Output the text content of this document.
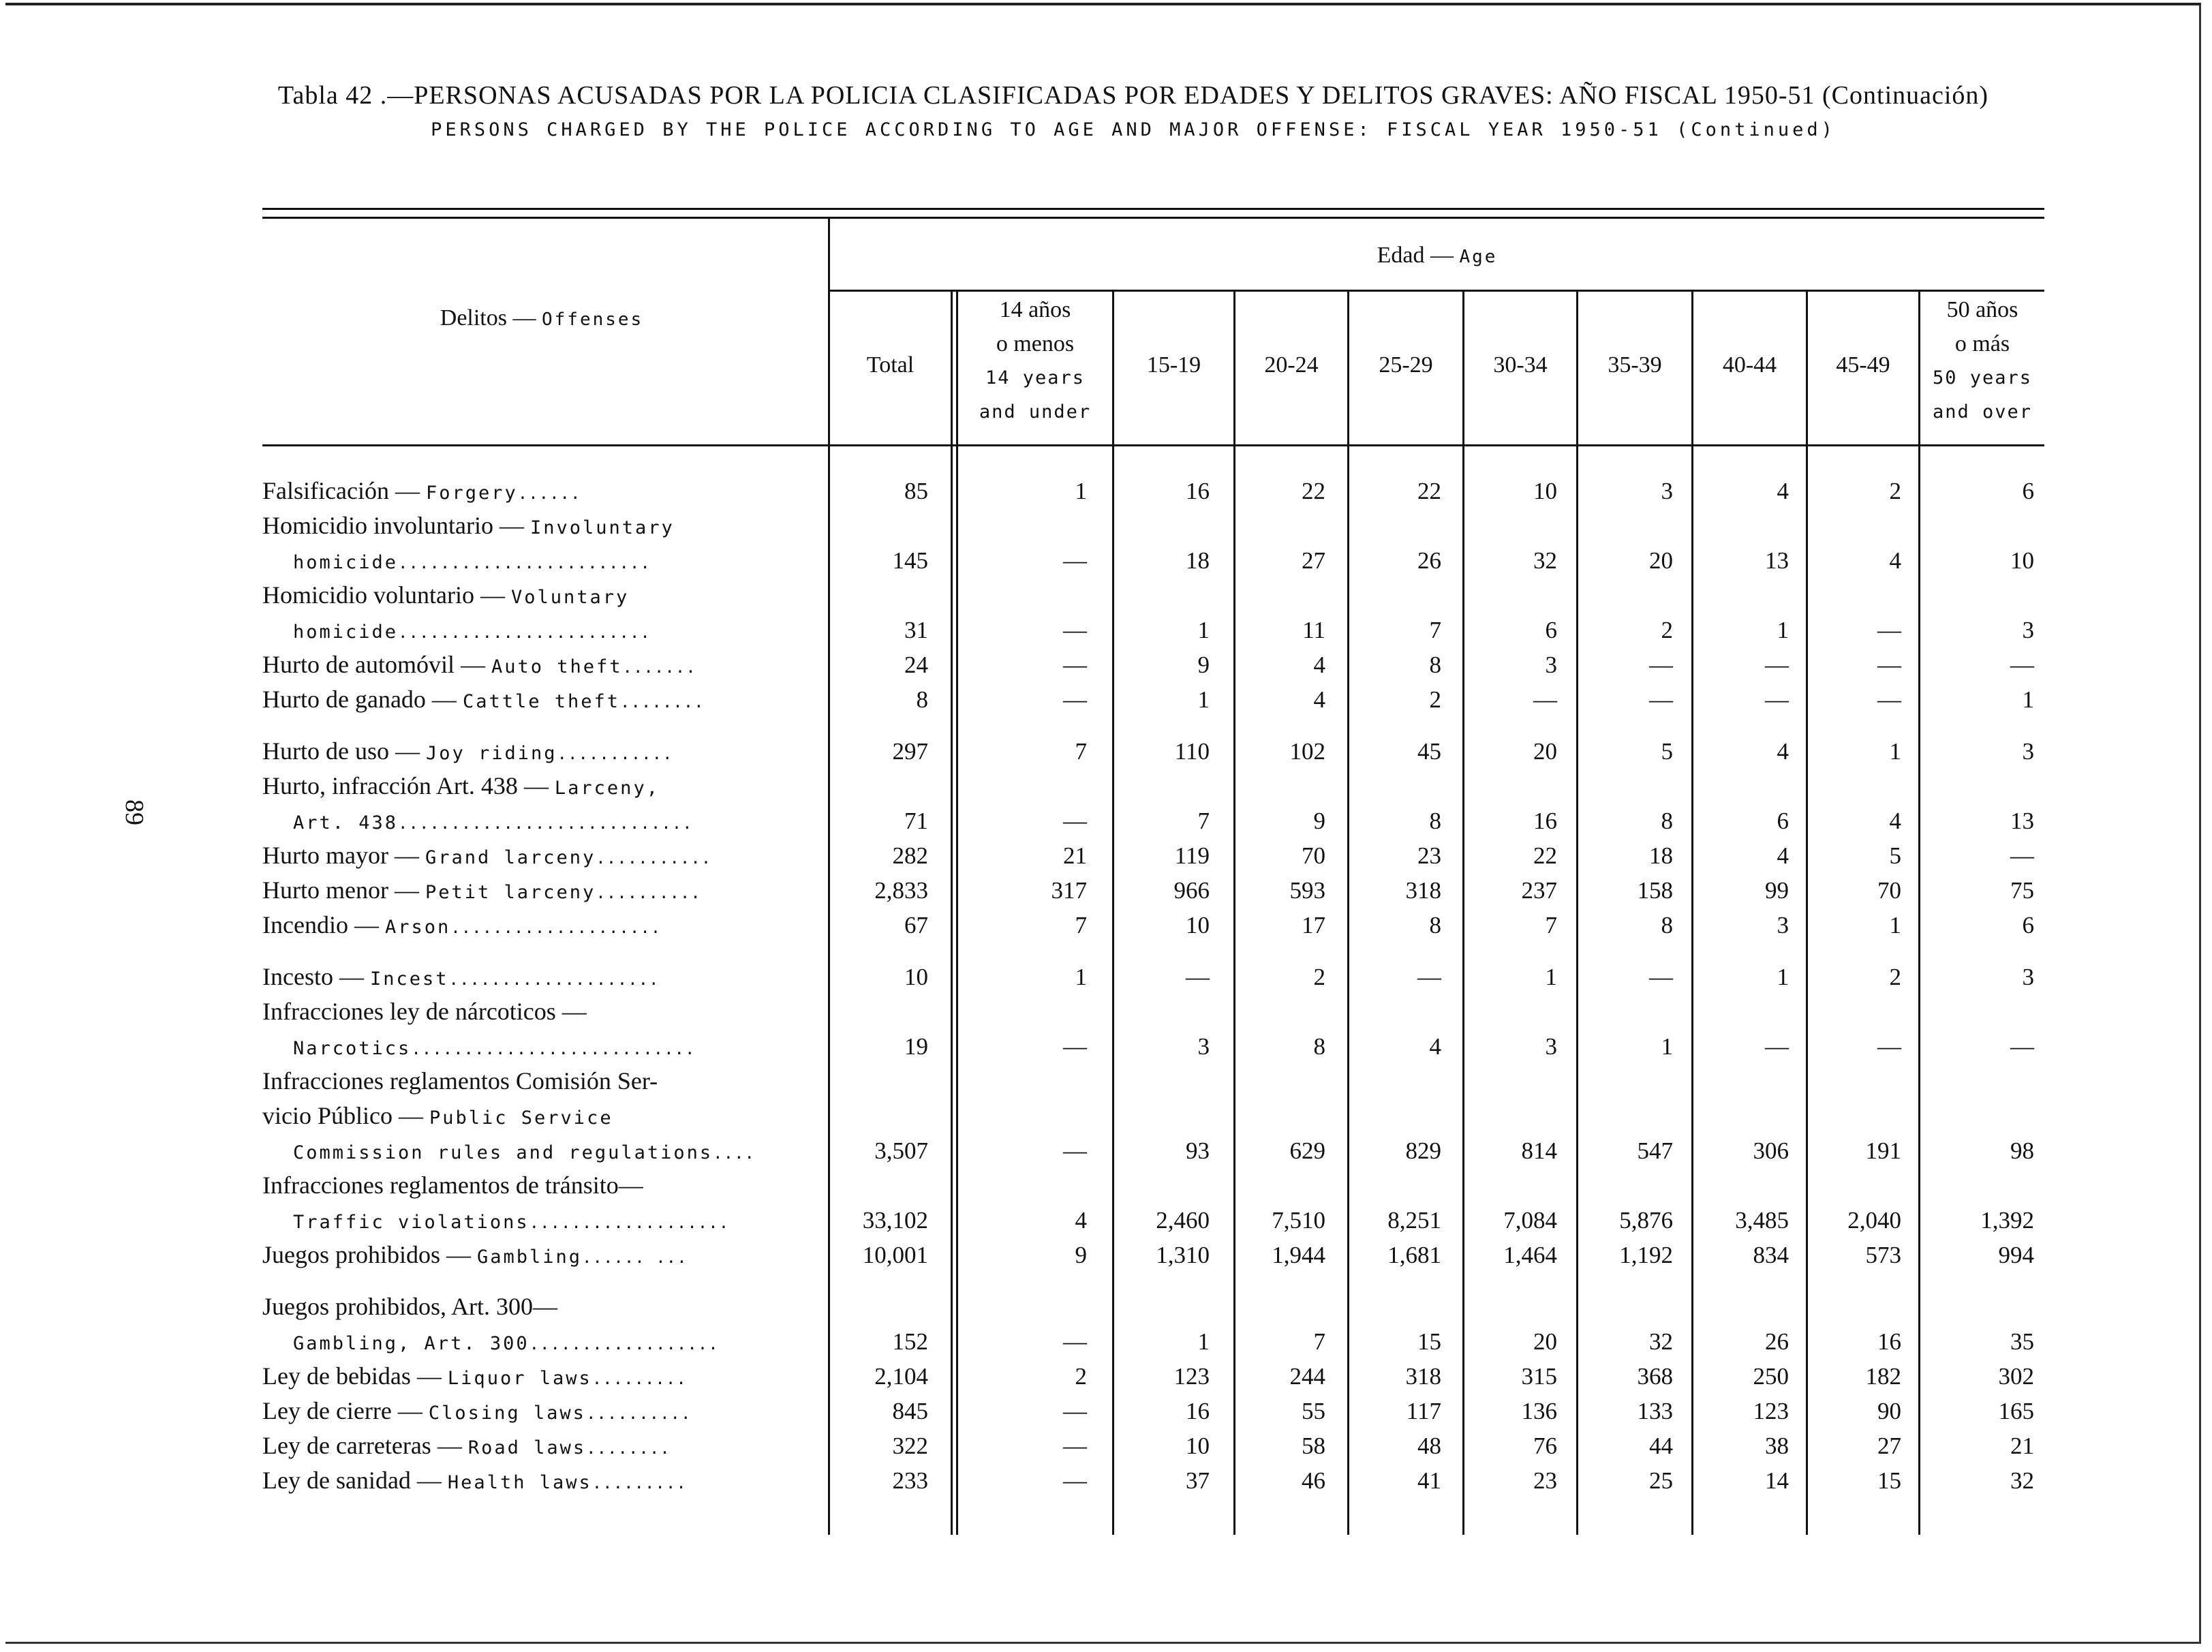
Tabla 42 .—PERSONAS ACUSADAS POR LA POLICIA CLASIFICADAS POR EDADES Y DELITOS GRAVES: AÑO FISCAL 1950-51 (Continuación)
PERSONS CHARGED BY THE POLICE ACCORDING TO AGE AND MAJOR OFFENSE: FISCAL YEAR 1950-51 (Continued)
89
Delitos — Offenses
Edad — Age
Total
14 años
o menos
14 years
and under
15-19	20-24	25-29	30-34	35-39	40-44	45-49
50 años
o más
50 years
and over
Falsificación — Forgery......	85	1	16	22	22	10	3	4	2	6
Homicidio involuntario — Involuntary
homicide........................	145	—	18	27	26	32	20	13	4	10
Homicidio voluntario — Voluntary
homicide........................	31	—	1	11	7	6	2	1	—	3
Hurto de automóvil — Auto theft.......	24	—	9	4	8	3	—	—	—	—
Hurto de ganado — Cattle theft........	8	—	1	4	2	—	—	—	—	1
Hurto de uso — Joy riding...........	297	7	110	102	45	20	5	4	1	3
Hurto, infracción Art. 438 — Larceny,
Art. 438............................	71	—	7	9	8	16	8	6	4	13
Hurto mayor — Grand larceny...........	282	21	119	70	23	22	18	4	5	—
Hurto menor — Petit larceny..........	2,833	317	966	593	318	237	158	99	70	75
Incendio — Arson....................	67	7	10	17	8	7	8	3	1	6
Incesto — Incest....................	10	1	—	2	—	1	—	1	2	3
Infracciones ley de nárcoticos —
Narcotics...........................	19	—	3	8	4	3	1	—	—	—
Infracciones reglamentos Comisión Ser-
vicio Público — Public Service
Commission rules and regulations....	3,507	—	93	629	829	814	547	306	191	98
Infracciones reglamentos de tránsito—
Traffic violations...................	33,102	4	2,460	7,510	8,251	7,084	5,876	3,485	2,040	1,392
Juegos prohibidos — Gambling...... ...	10,001	9	1,310	1,944	1,681	1,464	1,192	834	573	994
Juegos prohibidos, Art. 300—
Gambling, Art. 300..................	152	—	1	7	15	20	32	26	16	35
Ley de bebidas — Liquor laws.........	2,104	2	123	244	318	315	368	250	182	302
Ley de cierre — Closing laws..........	845	—	16	55	117	136	133	123	90	165
Ley de carreteras — Road laws........	322	—	10	58	48	76	44	38	27	21
Ley de sanidad — Health laws.........	233	—	37	46	41	23	25	14	15	32
